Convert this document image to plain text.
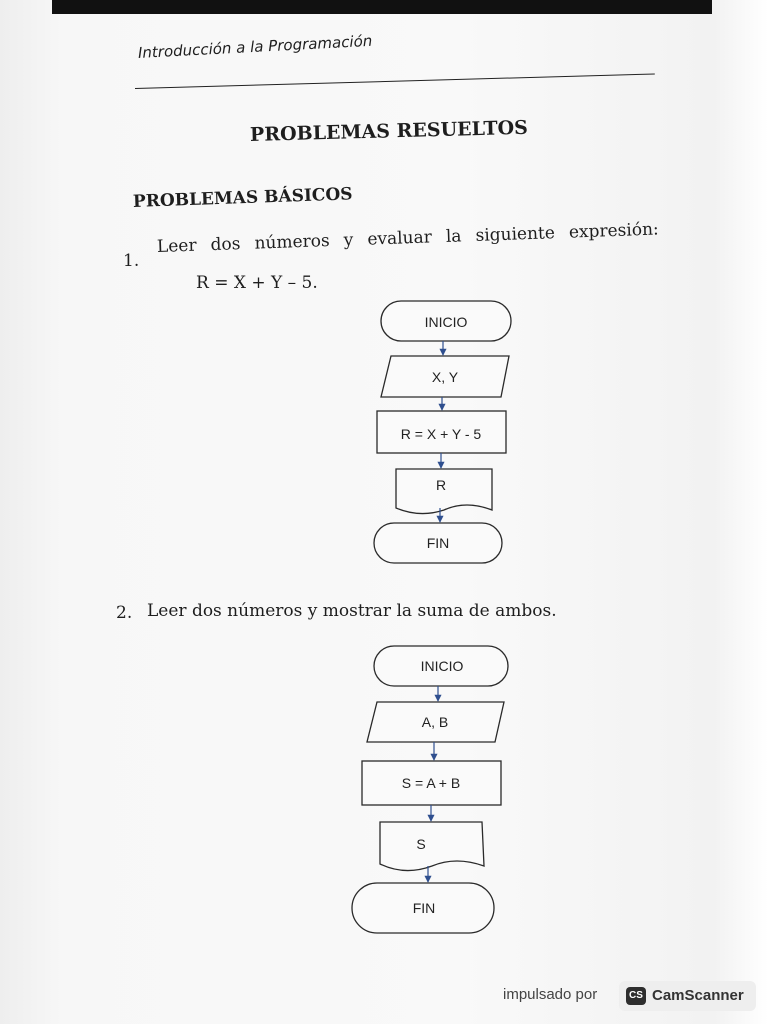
Introducción a la Programación
PROBLEMAS RESUELTOS
PROBLEMAS BÁSICOS
1.
Leer dos números y evaluar la siguiente expresión:
R = X + Y – 5.
INICIO
X, Y
R = X + Y - 5
R
FIN
2. Leer dos números y mostrar la suma de ambos.
INICIO
A, B
S = A + B
S
FIN
impulsado por	CS CamScanner
